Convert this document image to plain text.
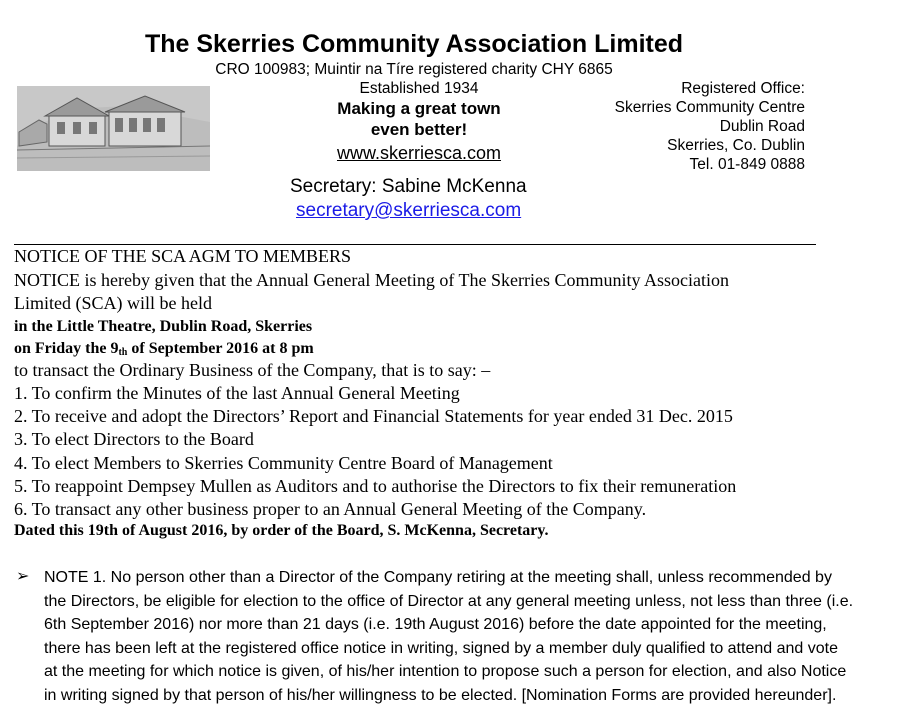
The Skerries Community Association Limited
CRO 100983; Muintir na Tíre registered charity CHY 6865
Established 1934
Making a great town
even better!
www.skerriesca.com
Registered Office:
Skerries Community Centre
Dublin Road
Skerries, Co. Dublin
Tel. 01-849 0888
Secretary: Sabine McKenna
secretary@skerriesca.com
NOTICE OF THE SCA AGM TO MEMBERS
NOTICE is hereby given that the Annual General Meeting of The Skerries Community Association
Limited (SCA) will be held
in the Little Theatre, Dublin Road, Skerries
on Friday the $9_{th}$ of September 2016 at 8 pm
to transact the Ordinary Business of the Company, that is to say: –
1. To confirm the Minutes of the last Annual General Meeting
2. To receive and adopt the Directors’ Report and Financial Statements for year ended 31 Dec. 2015
3. To elect Directors to the Board
4. To elect Members to Skerries Community Centre Board of Management
5. To reappoint Dempsey Mullen as Auditors and to authorise the Directors to fix their remuneration
6. To transact any other business proper to an Annual General Meeting of the Company.
Dated this 19th of August 2016, by order of the Board, S. McKenna, Secretary.
➢ NOTE 1. No person other than a Director of the Company retiring at the meeting shall, unless recommended by
the Directors, be eligible for election to the office of Director at any general meeting unless, not less than three (i.e.
6th September 2016) nor more than 21 days (i.e. 19th August 2016) before the date appointed for the meeting,
there has been left at the registered office notice in writing, signed by a member duly qualified to attend and vote
at the meeting for which notice is given, of his/her intention to propose such a person for election, and also Notice
in writing signed by that person of his/her willingness to be elected. [Nomination Forms are provided hereunder].
